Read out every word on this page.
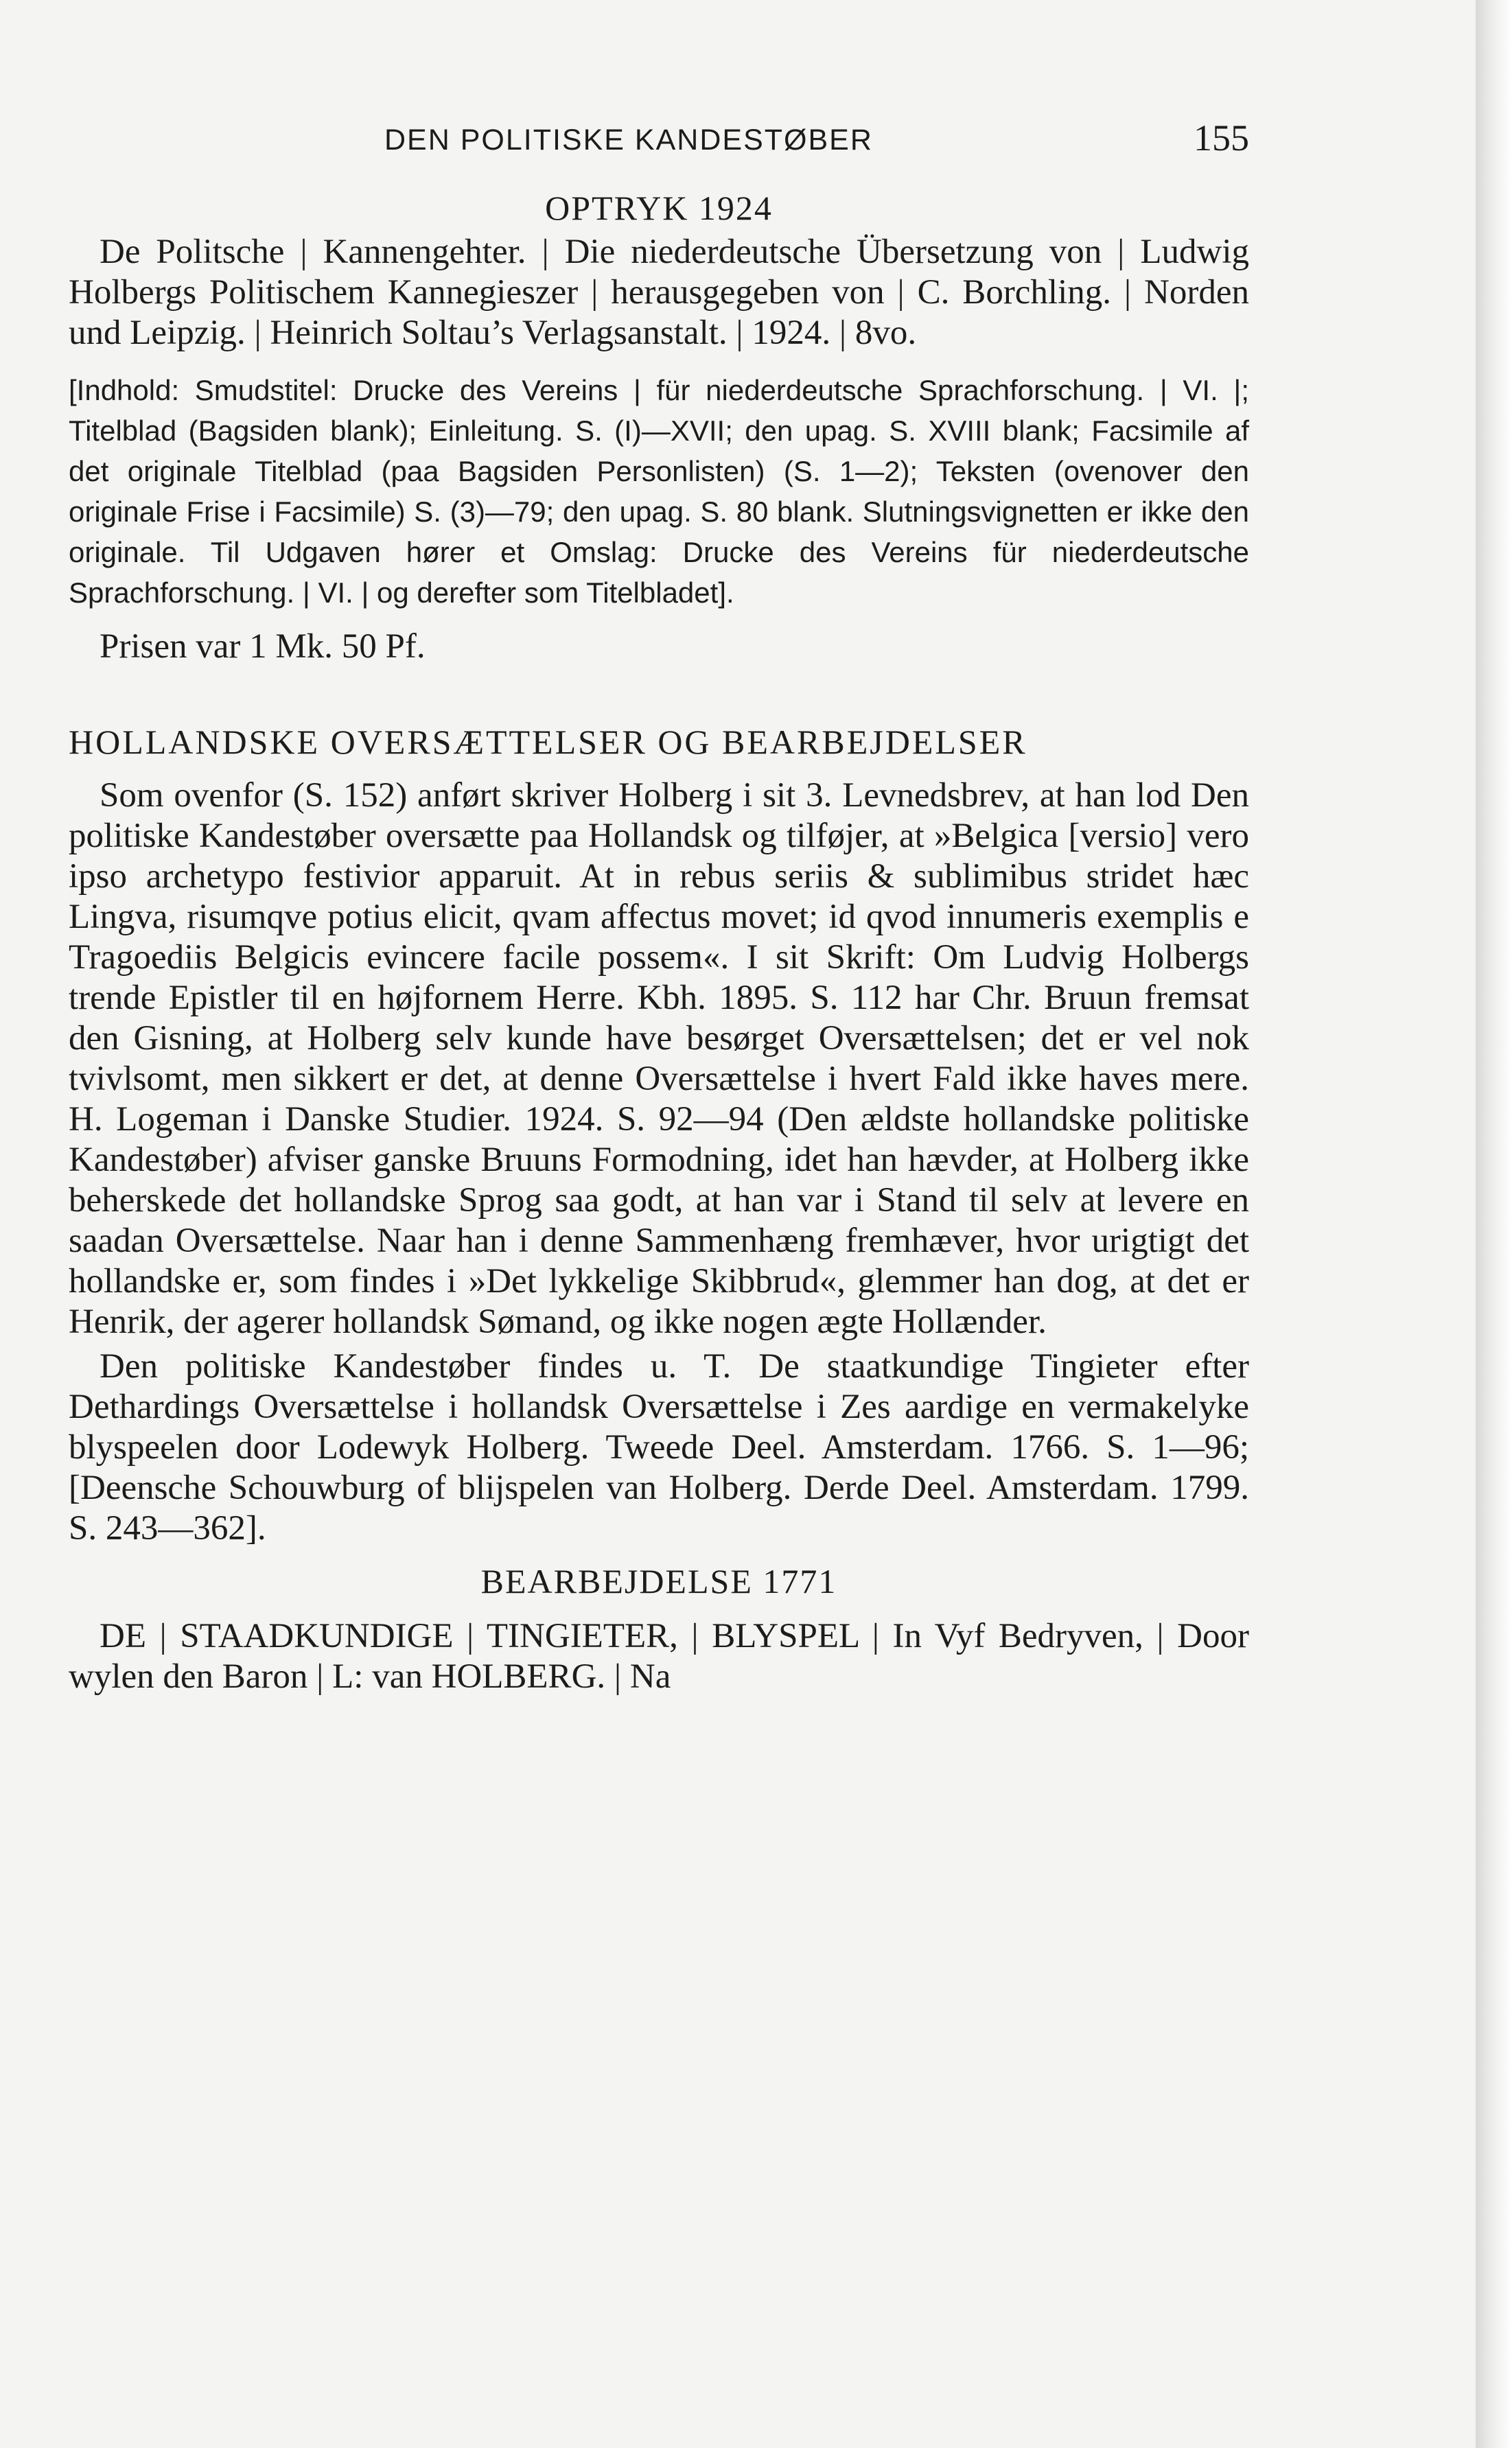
DEN POLITISKE KANDESTØBER	155
OPTRYK 1924

De Politsche | Kannengehter. | Die niederdeutsche Übersetzung von | Ludwig Holbergs Politischem Kannegieszer | herausgegeben von | C. Borchling. | Norden und Leipzig. | Heinrich Soltau’s Verlagsanstalt. | 1924. | 8vo.

[Indhold: Smudstitel: Drucke des Vereins | für niederdeutsche Sprachforschung. | VI. |; Titelblad (Bagsiden blank); Einleitung. S. (I)—XVII; den upag. S. XVIII blank; Facsimile af det originale Titelblad (paa Bagsiden Personlisten) (S. 1—2); Teksten (ovenover den originale Frise i Facsimile) S. (3)—79; den upag. S. 80 blank. Slutningsvignetten er ikke den originale. Til Udgaven hører et Omslag: Drucke des Vereins für niederdeutsche Sprachforschung. | VI. | og derefter som Titelbladet].

Prisen var 1 Mk. 50 Pf.

HOLLANDSKE OVERSÆTTELSER OG BEARBEJDELSER

Som ovenfor (S. 152) anført skriver Holberg i sit 3. Levnedsbrev, at han lod Den politiske Kandestøber oversætte paa Hollandsk og tilføjer, at »Belgica [versio] vero ipso archetypo festivior apparuit. At in rebus seriis & sublimibus stridet hæc Lingva, risumqve potius elicit, qvam affectus movet; id qvod innumeris exemplis e Tragoediis Belgicis evincere facile possem«. I sit Skrift: Om Ludvig Holbergs trende Epistler til en højfornem Herre. Kbh. 1895. S. 112 har Chr. Bruun fremsat den Gisning, at Holberg selv kunde have besørget Oversættelsen; det er vel nok tvivlsomt, men sikkert er det, at denne Oversættelse i hvert Fald ikke haves mere. H. Logeman i Danske Studier. 1924. S. 92—94 (Den ældste hollandske politiske Kandestøber) afviser ganske Bruuns Formodning, idet han hævder, at Holberg ikke beherskede det hollandske Sprog saa godt, at han var i Stand til selv at levere en saadan Oversættelse. Naar han i denne Sammenhæng fremhæver, hvor urigtigt det hollandske er, som findes i »Det lykkelige Skibbrud«, glemmer han dog, at det er Henrik, der agerer hollandsk Sømand, og ikke nogen ægte Hollænder.

Den politiske Kandestøber findes u. T. De staatkundige Tingieter efter Dethardings Oversættelse i hollandsk Oversættelse i Zes aardige en vermakelyke blyspeelen door Lodewyk Holberg. Tweede Deel. Amsterdam. 1766. S. 1—96; [Deensche Schouwburg of blijspelen van Holberg. Derde Deel. Amsterdam. 1799. S. 243—362].

BEARBEJDELSE 1771

DE | STAADKUNDIGE | TINGIETER, | BLYSPEL | In Vyf Bedryven, | Door wylen den Baron | L: van HOLBERG. | Na
